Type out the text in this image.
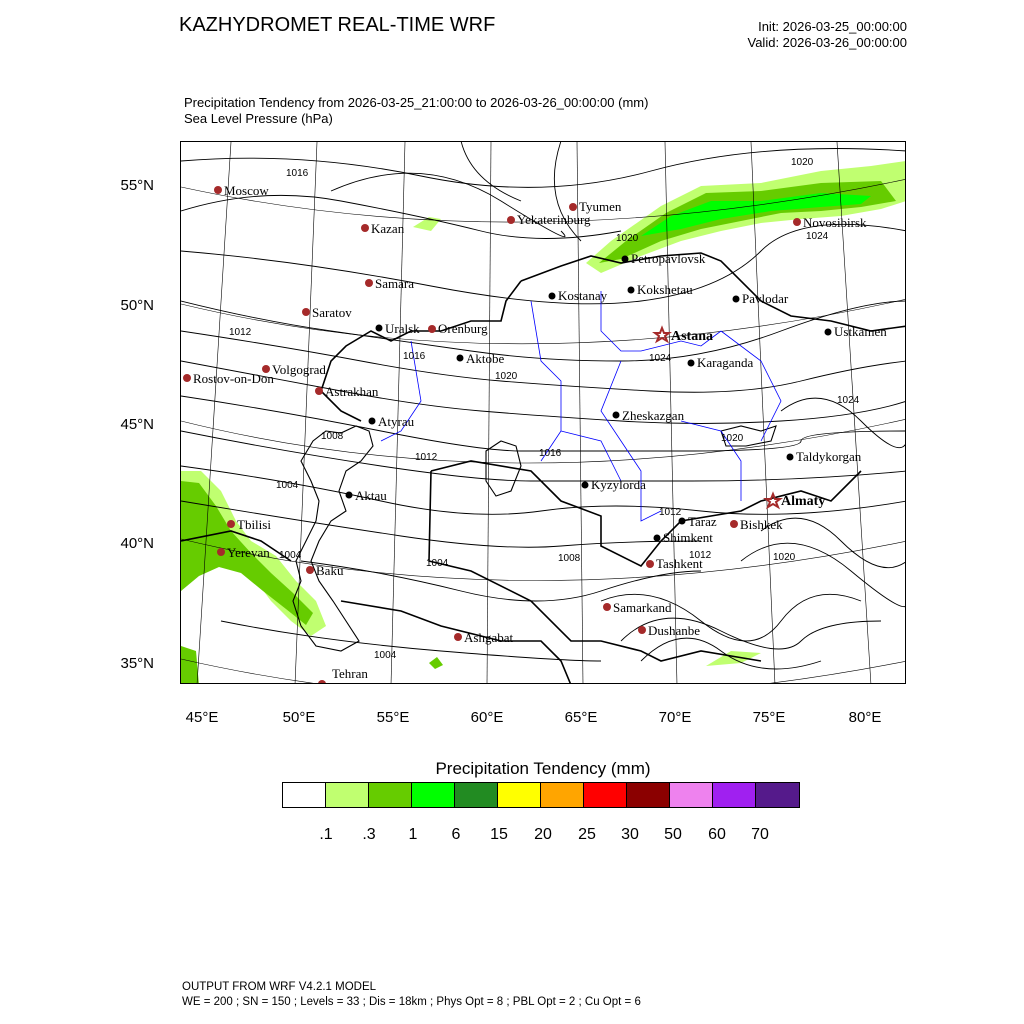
KAZHYDROMET REAL-TIME WRF	Init: 2026-03-25_00:00:00
Valid: 2026-03-26_00:00:00
Precipitation Tendency from 2026-03-25_21:00:00 to 2026-03-26_00:00:00 (mm)
Sea Level Pressure (hPa)
55°N
50°N
45°N
40°N
35°N
45°E	50°E	55°E	60°E	65°E	70°E	75°E	80°E
1016
1020
1020	1024
1012
1016
1020
1024
1024
1008
1012	1016
1020
1004
1012
1004	1008
1004
1012	1020
1004
Moscow
Kazan
Tyumen
Yekaterinburg	Novosibirsk
Petropavlovsk
Samara
Kostanay Kokshetau
Pavlodar
Saratov
Uralsk Orenburg
Astana	Ustkamen
Aktobe	Karaganda
Volgograd
Rostov-on-Don
Astrakhan
Zheskazgan
Atyrau
Taldykorgan
Aktau
Kyzylorda
Almaty
Tbilisi	Taraz Bishkek
Shimkent
Yerevan
Baku	Tashkent
Samarkand
Dushanbe
Ashgabat
Tehran
Precipitation Tendency (mm)
.1 .3 1 6 15 20 25 30 50 60 70
OUTPUT FROM WRF V4.2.1 MODEL
WE = 200 ; SN = 150 ; Levels = 33 ; Dis = 18km ; Phys Opt = 8 ; PBL Opt = 2 ; Cu Opt = 6
